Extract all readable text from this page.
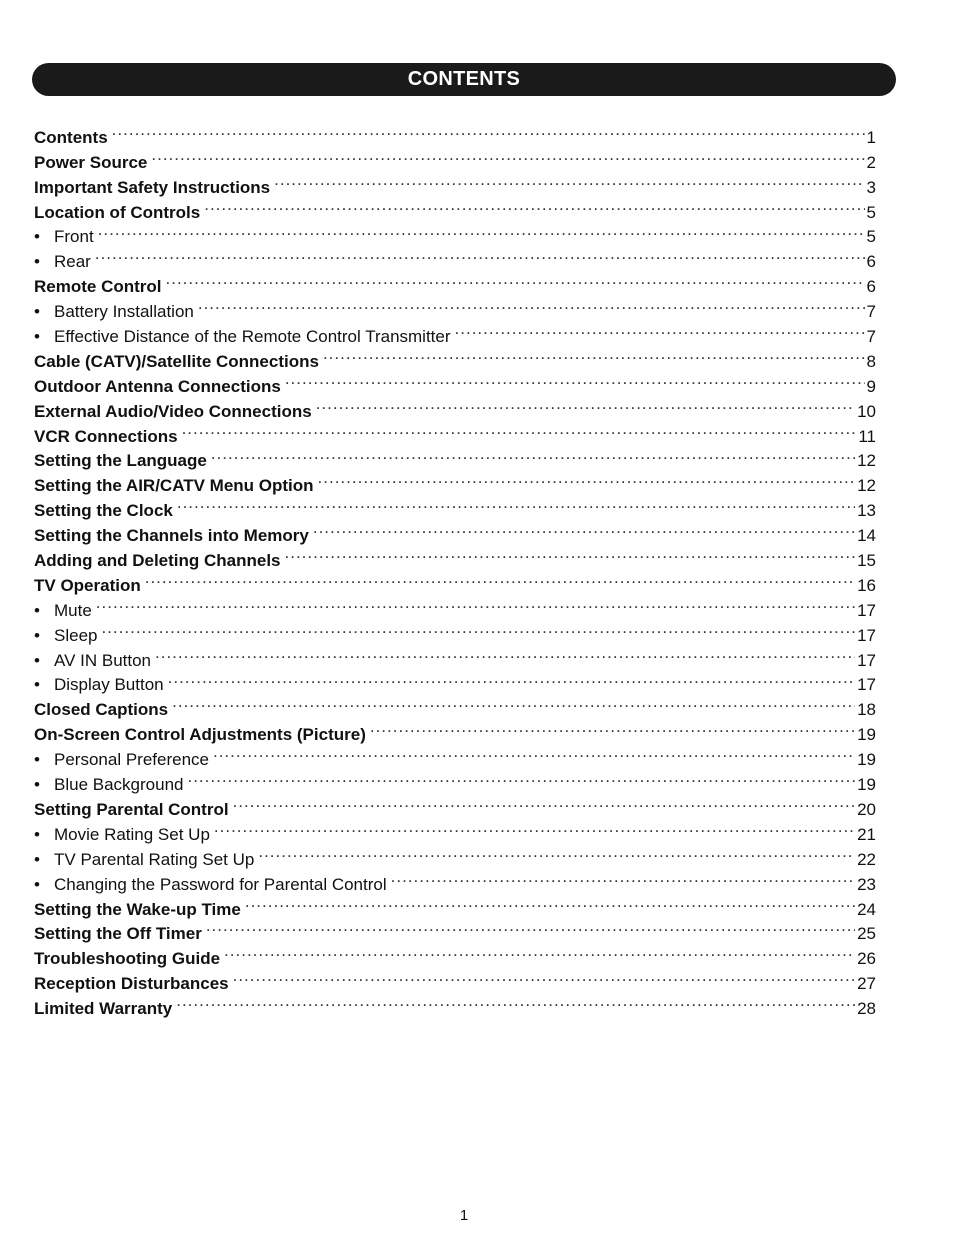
CONTENTS
Contents .....	1
Power Source .....	2
Important Safety Instructions .....	3
Location of Controls .....	5
• Front .....	5
• Rear .....	6
Remote Control .....	6
• Battery Installation .....	7
• Effective Distance of the Remote Control Transmitter .....	7
Cable (CATV)/Satellite Connections .....	8
Outdoor Antenna Connections .....	9
External Audio/Video Connections .....	10
VCR Connections .....	11
Setting the Language .....	12
Setting the AIR/CATV Menu Option .....	12
Setting the Clock .....	13
Setting the Channels into Memory .....	14
Adding and Deleting Channels .....	15
TV Operation .....	16
• Mute .....	17
• Sleep .....	17
• AV IN Button .....	17
• Display Button .....	17
Closed Captions .....	18
On-Screen Control Adjustments (Picture) .....	19
• Personal Preference .....	19
• Blue Background .....	19
Setting Parental Control .....	20
• Movie Rating Set Up .....	21
• TV Parental Rating Set Up .....	22
• Changing the Password for Parental Control .....	23
Setting the Wake-up Time .....	24
Setting the Off Timer .....	25
Troubleshooting Guide .....	26
Reception Disturbances .....	27
Limited Warranty .....	28
1
